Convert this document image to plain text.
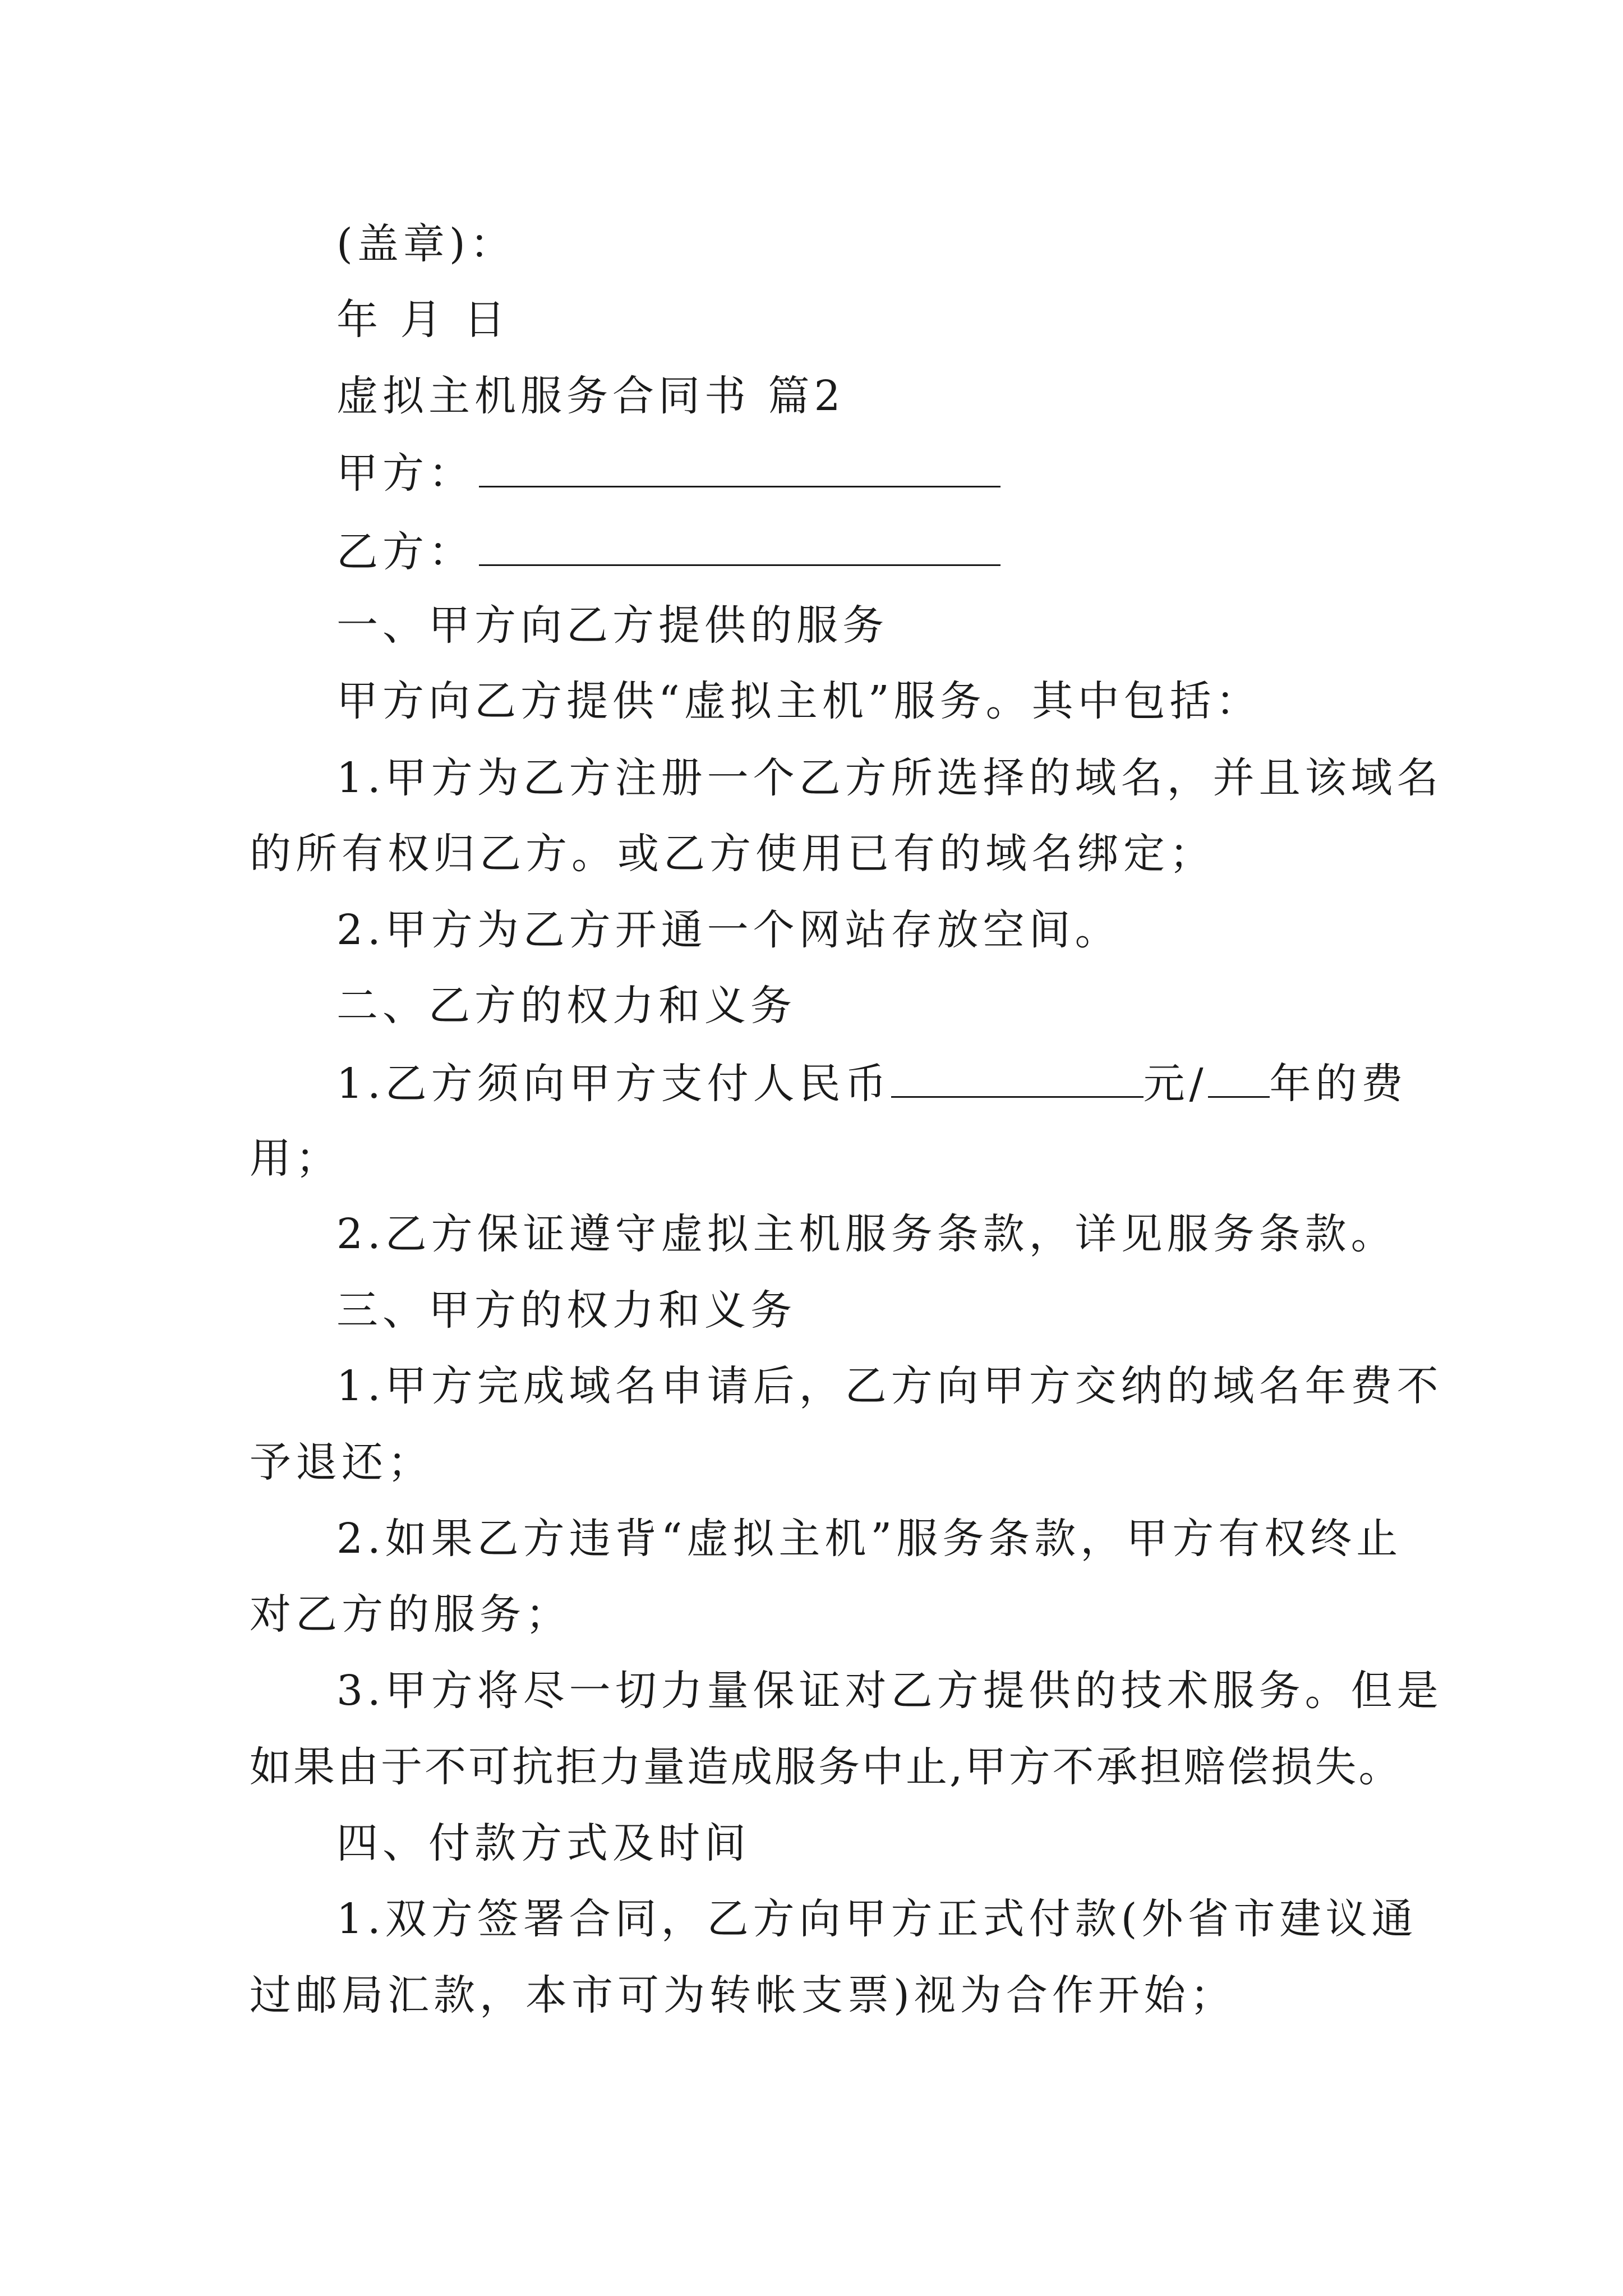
(盖章)：
年 月 日
虚拟主机服务合同书 篇2
甲方：
乙方：
一、甲方向乙方提供的服务
甲方向乙方提供“虚拟主机”服务。其中包括：
1.甲方为乙方注册一个乙方所选择的域名，并且该域名
的所有权归乙方。或乙方使用已有的域名绑定；
2.甲方为乙方开通一个网站存放空间。
二、乙方的权力和义务
1.乙方须向甲方支付人民币	元/ 年的费
用；
2.乙方保证遵守虚拟主机服务条款，详见服务条款。
三、甲方的权力和义务
1.甲方完成域名申请后，乙方向甲方交纳的域名年费不
予退还；
2.如果乙方违背“虚拟主机”服务条款，甲方有权终止
对乙方的服务；
3.甲方将尽一切力量保证对乙方提供的技术服务。但是
如果由于不可抗拒力量造成服务中止,甲方不承担赔偿损失。
四、付款方式及时间
1.双方签署合同，乙方向甲方正式付款(外省市建议通
过邮局汇款，本市可为转帐支票)视为合作开始；
